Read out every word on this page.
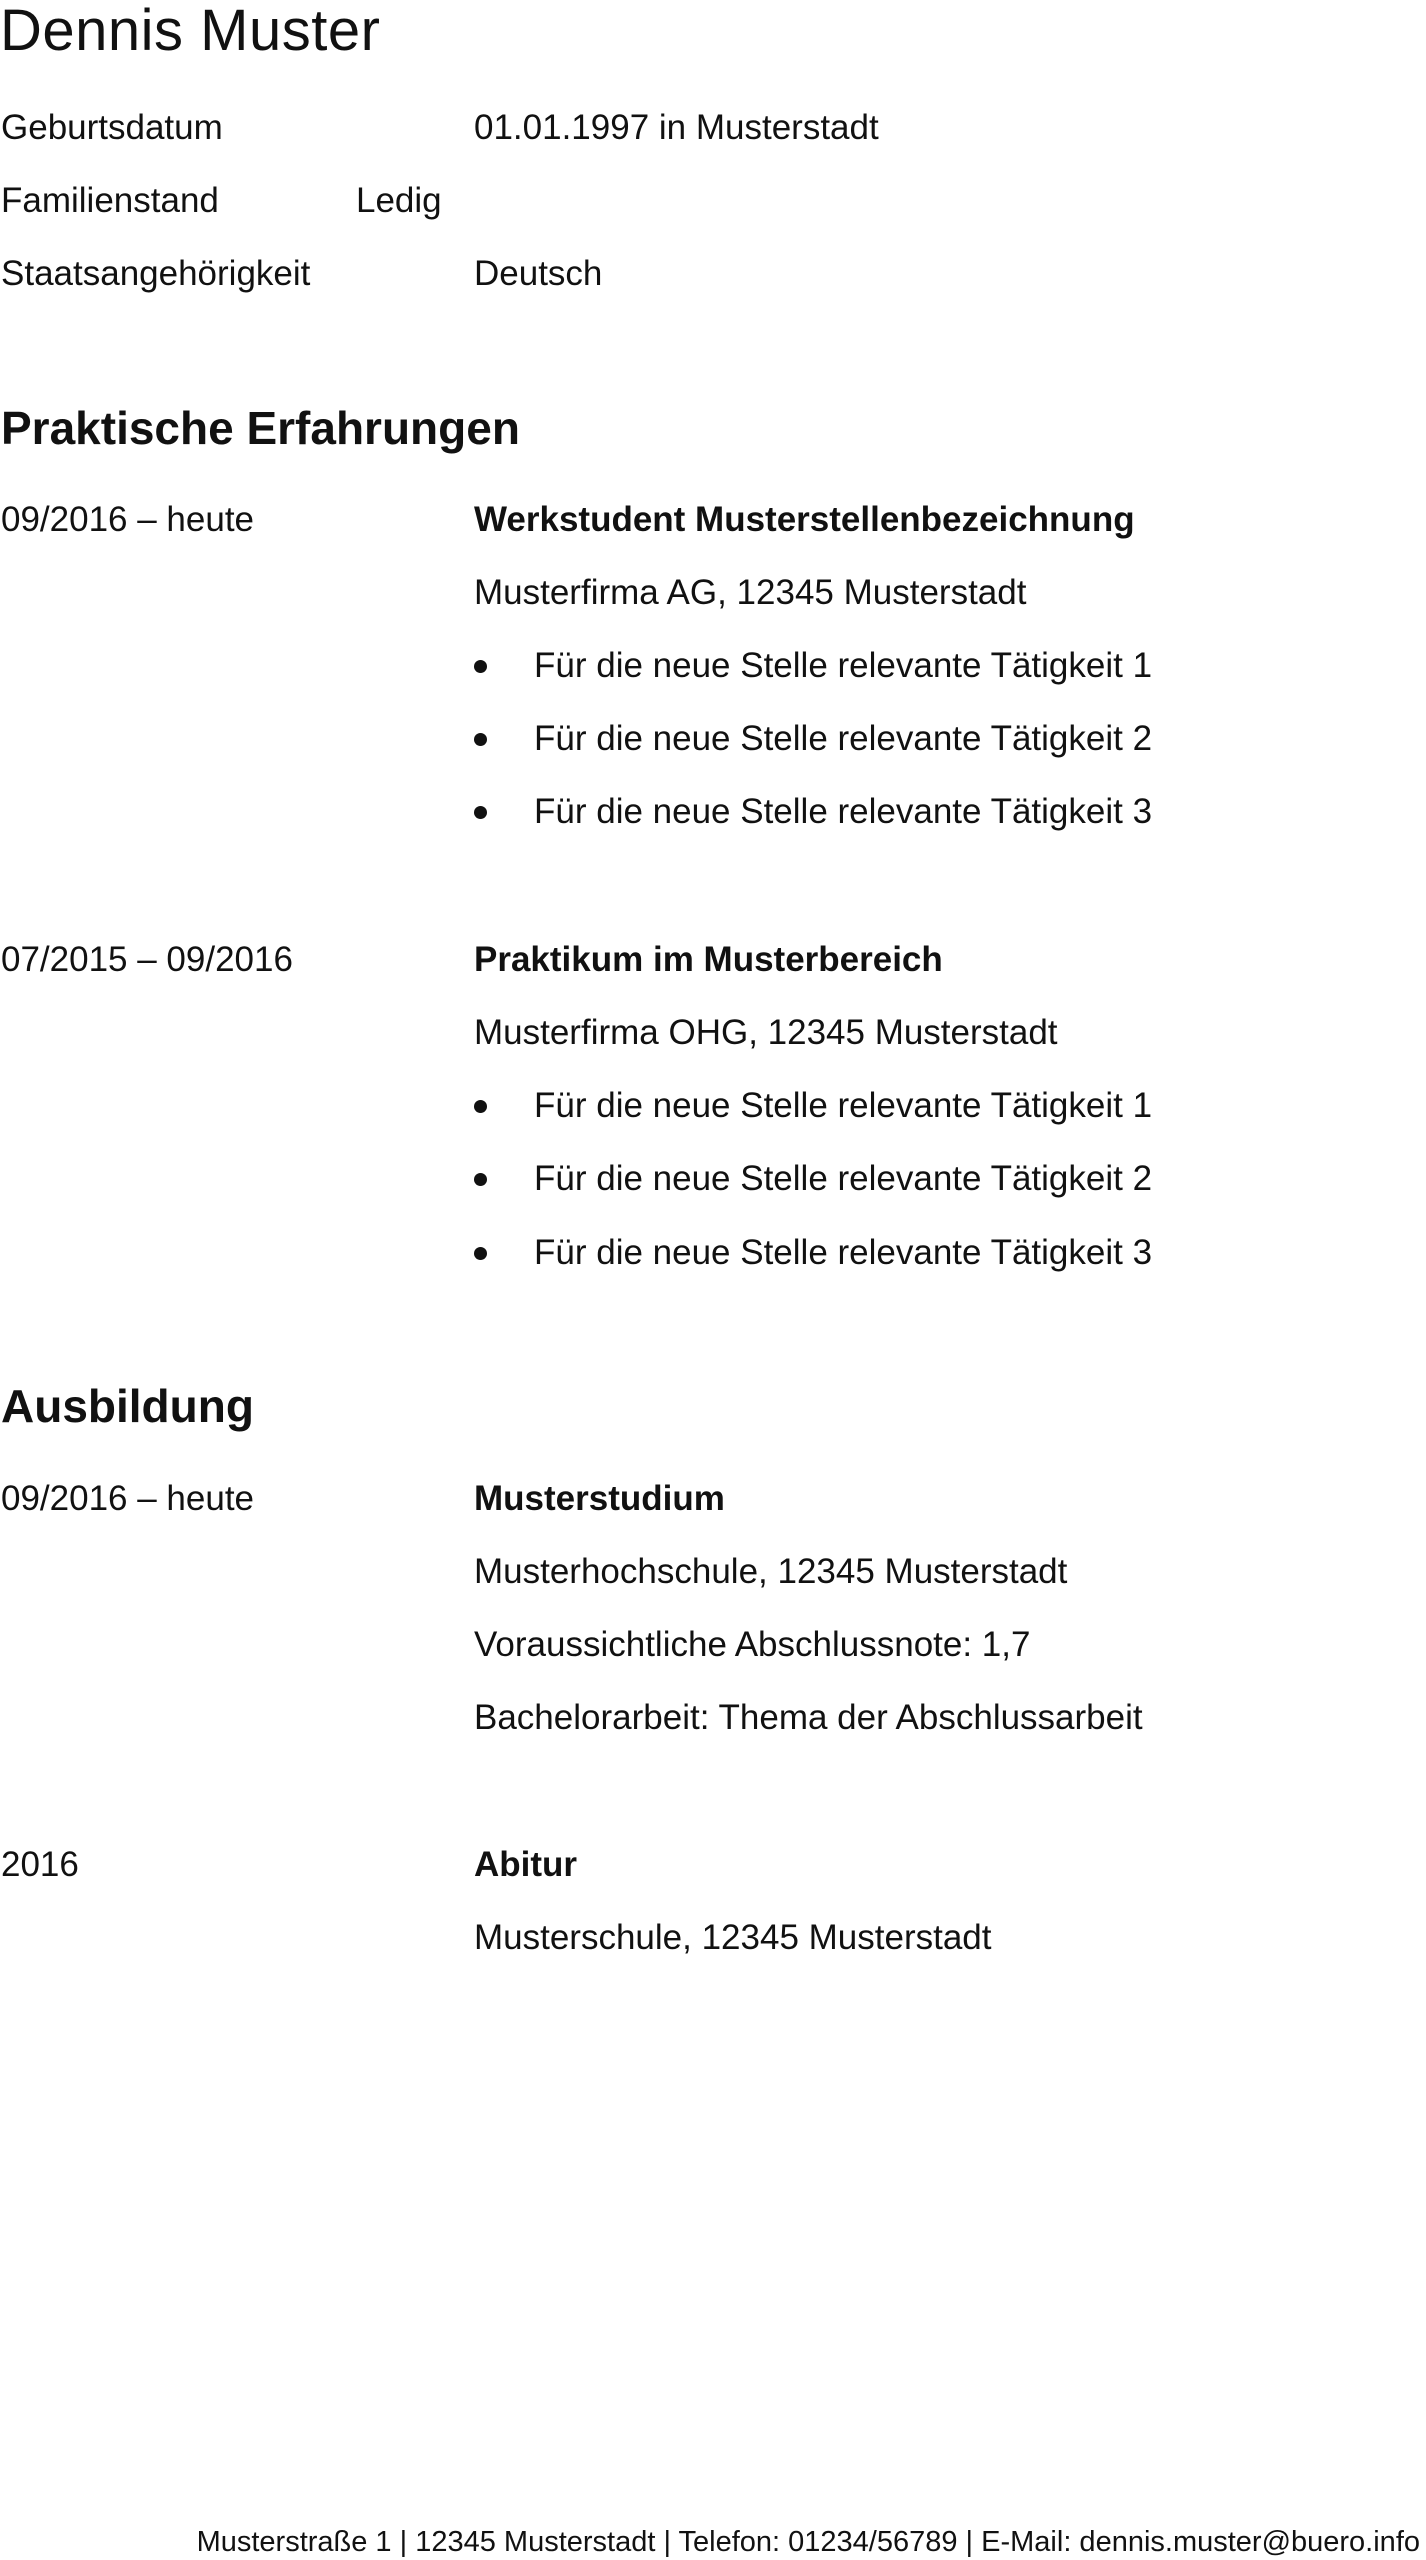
Dennis Muster
Geburtsdatum	01.01.1997 in Musterstadt
Familienstand	Ledig
Staatsangehörigkeit	Deutsch
Praktische Erfahrungen
09/2016 – heute	Werkstudent Musterstellenbezeichnung
Musterfirma AG, 12345 Musterstadt
Für die neue Stelle relevante Tätigkeit 1
Für die neue Stelle relevante Tätigkeit 2
Für die neue Stelle relevante Tätigkeit 3
07/2015 – 09/2016	Praktikum im Musterbereich
Musterfirma OHG, 12345 Musterstadt
Für die neue Stelle relevante Tätigkeit 1
Für die neue Stelle relevante Tätigkeit 2
Für die neue Stelle relevante Tätigkeit 3
Ausbildung
09/2016 – heute	Musterstudium
Musterhochschule, 12345 Musterstadt
Voraussichtliche Abschlussnote: 1,7
Bachelorarbeit: Thema der Abschlussarbeit
2016	Abitur
Musterschule, 12345 Musterstadt
Musterstraße 1 | 12345 Musterstadt | Telefon: 01234/56789 | E-Mail: dennis.muster@buero.info
